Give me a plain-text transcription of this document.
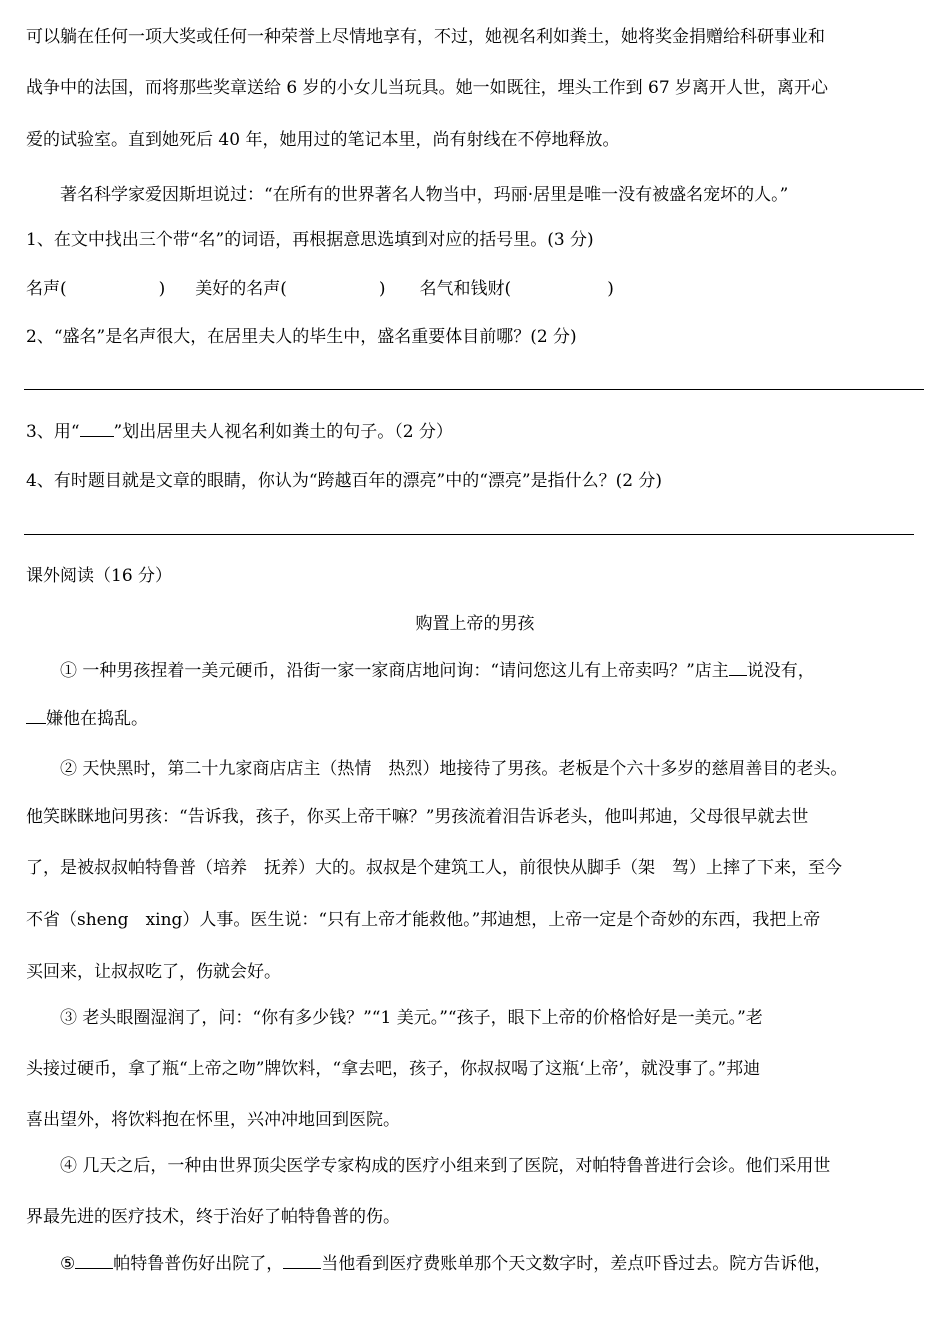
可以躺在任何一项大奖或任何一种荣誉上尽情地享有，不过，她视名利如粪土，她将奖金捐赠给科研事业和
战争中的法国，而将那些奖章送给 6 岁的小女儿当玩具。她一如既往，埋头工作到 67 岁离开人世，离开心
爱的试验室。直到她死后 40 年，她用过的笔记本里，尚有射线在不停地释放。
著名科学家爱因斯坦说过：“在所有的世界著名人物当中，玛丽·居里是唯一没有被盛名宠坏的人。”
1、在文中找出三个带“名”的词语，再根据意思选填到对应的括号里。(3 分)
名声(	) 美好的名声(	) 名气和钱财(	)
2、“盛名”是名声很大，在居里夫人的毕生中，盛名重要体目前哪？(2 分)
3、用“ ”划出居里夫人视名利如粪土的句子。（2 分）
4、有时题目就是文章的眼睛，你认为“跨越百年的漂亮”中的“漂亮”是指什么？(2 分)
课外阅读（16 分）
购置上帝的男孩
① 一种男孩捏着一美元硬币，沿街一家一家商店地问询：“请问您这儿有上帝卖吗？”店主 说没有，
嫌他在捣乱。
② 天快黑时，第二十九家商店店主（热情　热烈）地接待了男孩。老板是个六十多岁的慈眉善目的老头。
他笑眯眯地问男孩：“告诉我，孩子，你买上帝干嘛？”男孩流着泪告诉老头，他叫邦迪，父母很早就去世
了，是被叔叔帕特鲁普（培养　抚养）大的。叔叔是个建筑工人，前很快从脚手（架　驾）上摔了下来，至今
不省（sheng　xing）人事。医生说：“只有上帝才能救他。”邦迪想，上帝一定是个奇妙的东西，我把上帝
买回来，让叔叔吃了，伤就会好。
③ 老头眼圈湿润了，问：“你有多少钱？”“1 美元。”“孩子，眼下上帝的价格恰好是一美元。”老
头接过硬币，拿了瓶“上帝之吻”牌饮料，“拿去吧，孩子，你叔叔喝了这瓶‘上帝’，就没事了。”邦迪
喜出望外，将饮料抱在怀里，兴冲冲地回到医院。
④ 几天之后，一种由世界顶尖医学专家构成的医疗小组来到了医院，对帕特鲁普进行会诊。他们采用世
界最先进的医疗技术，终于治好了帕特鲁普的伤。
⑤ 帕特鲁普伤好出院了， 当他看到医疗费账单那个天文数字时，差点吓昏过去。院方告诉他，
